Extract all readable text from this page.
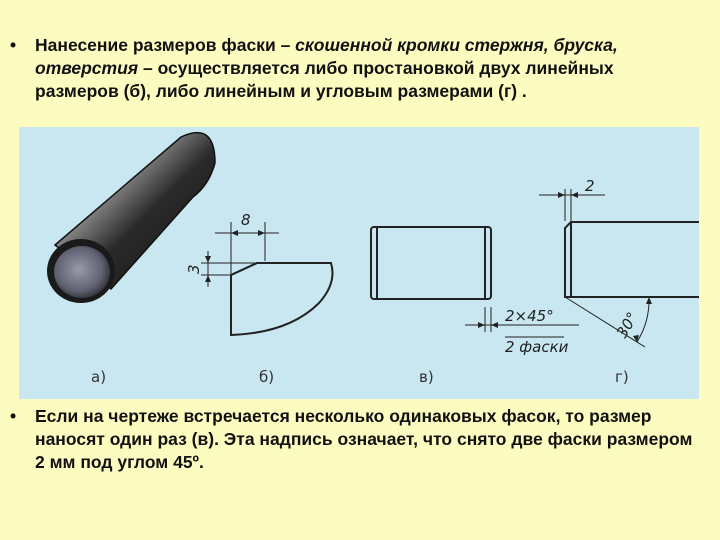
• Нанесение размеров фаски – скошенной кромки стержня, бруска, отверстия – осуществляется либо простановкой двух линейных размеров (б), либо линейным и угловым размерами (г) .
8
3
2×45°
2 фаски
2
30°
а)	б)	в)	г)
• Если на чертеже встречается несколько одинаковых фасок, то размер наносят один раз (в). Эта надпись означает, что снято две фаски размером 2 мм под углом 45º.
